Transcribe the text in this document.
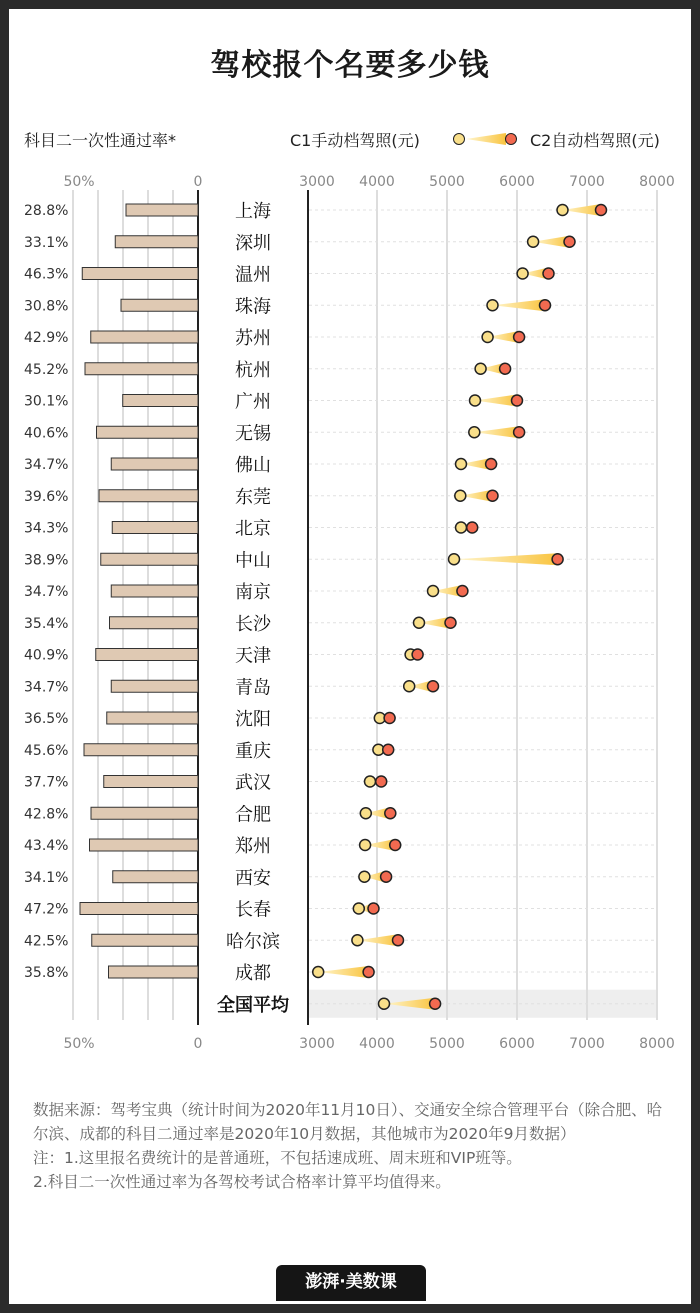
驾校报个名要多少钱
科目二一次性通过率*	C1手动档驾照(元)	C2自动档驾照(元)
3000
3000
4000
4000
5000
5000
6000
6000
7000
7000
8000
8000
50%
50%
0
0
28.8%	上海
33.1%	深圳
46.3%	温州
30.8%	珠海
42.9%	苏州
45.2%	杭州
30.1%	广州
40.6%	无锡
34.7%	佛山
39.6%	东莞
34.3%	北京
38.9%	中山
34.7%	南京
35.4%	长沙
40.9%	天津
34.7%	青岛
36.5%	沈阳
45.6%	重庆
37.7%	武汉
42.8%	合肥
43.4%	郑州
34.1%	西安
47.2%	长春
42.5%	哈尔滨
35.8%	成都
全国平均

数据来源：驾考宝典（统计时间为2020年11月10日）、交通安全综合管理平台（除合肥、哈尔滨、成都的科目二通过率是2020年10月数据，其他城市为2020年9月数据）

注：1.这里报名费统计的是普通班，不包括速成班、周末班和VIP班等。

2.科目二一次性通过率为各驾校考试合格率计算平均值得来。

澎湃·美数课
